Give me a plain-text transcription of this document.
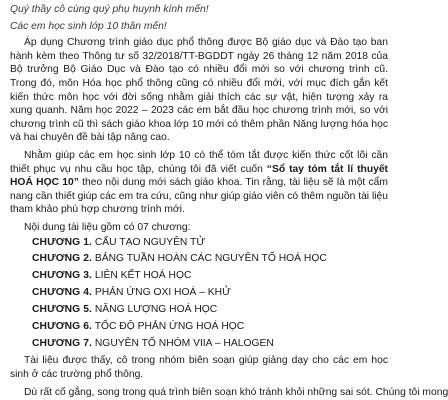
Quý thầy cô cùng quý phụ huynh kính mến!

Các em học sinh lớp 10 thân mến!

Áp dụng Chương trình giáo dục phổ thông được Bộ giáo dục và Đào tạo ban hành kèm theo Thông tư số 32/2018/TT-BGDDT ngày 26 tháng 12 năm 2018 của Bộ trưởng Bộ Giáo Dục và Đào tạo có nhiều đổi mới so với chương trình cũ. Trong đó, môn Hóa học phổ thông cũng có nhiều đổi mới, với mục đích gắn kết kiến thức môn học với đời sống nhằm giải thích các sự vật, hiện tượng xảy ra xung quanh. Năm học 2022 – 2023 các em bắt đầu học chương trình mới, so với chương trình cũ thì sách giáo khoa lớp 10 mới có thêm phần Năng lượng hóa học và hai chuyên đề bài tập nâng cao.

Nhằm giúp các em học sinh lớp 10 có thể tóm tắt được kiến thức cốt lõi cần thiết phục vụ nhu cầu học tập, chúng tôi đã viết cuốn “Sổ tay tóm tắt lí thuyết HOÁ HỌC 10” theo nội dung mới sách giáo khoa. Tin rằng, tài liệu sẽ là một cẩm nang cần thiết giúp các em tra cứu, cũng như giúp giáo viên có thêm nguồn tài liệu tham khảo phù hợp chương trình mới.

Nội dung tài liệu gồm có 07 chương:

CHƯƠNG 1. CẤU TẠO NGUYÊN TỬ
CHƯƠNG 2. BẢNG TUẦN HOÀN CÁC NGUYÊN TỐ HOÁ HỌC
CHƯƠNG 3. LIÊN KẾT HOÁ HỌC
CHƯƠNG 4. PHẢN ỨNG OXI HOÁ – KHỬ
CHƯƠNG 5. NĂNG LƯỢNG HOÁ HỌC
CHƯƠNG 6. TỐC ĐỘ PHẢN ỨNG HOÁ HỌC
CHƯƠNG 7. NGUYÊN TỐ NHÓM VIIA – HALOGEN

Tài liệu được thấy, cô trong nhóm biên soạn giúp giảng dạy cho các em học sinh ở các trường phổ thông.

Dù rất cố gắng, song trong quá trình biên soạn khó tránh khỏi những sai sót. Chúng tôi mong
